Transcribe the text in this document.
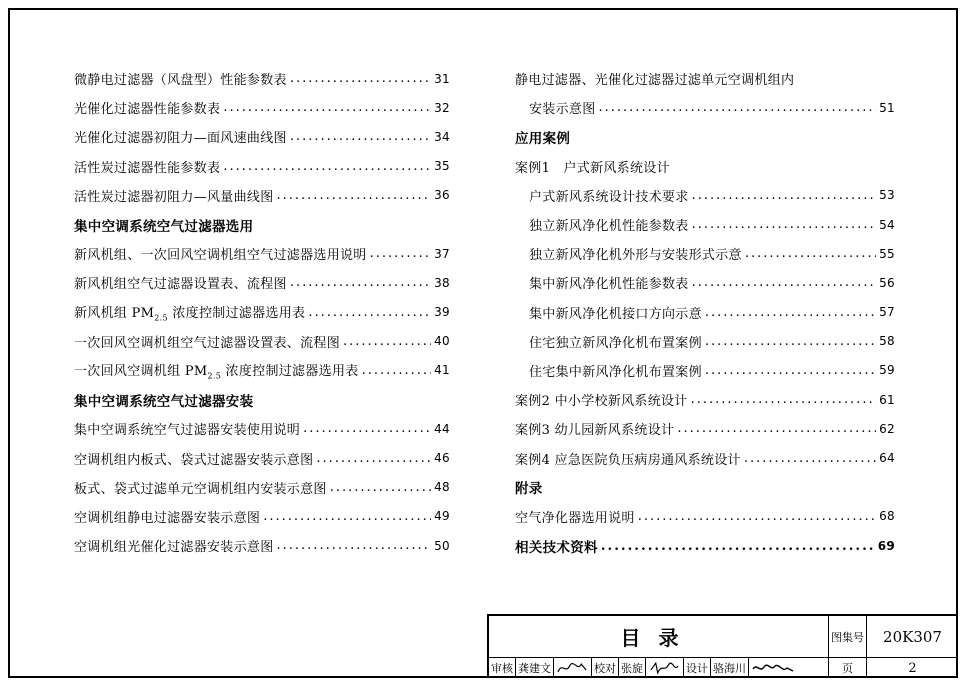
微静电过滤器（风盘型）性能参数表 .....	31
光催化过滤器性能参数表 .....	32
光催化过滤器初阻力—面风速曲线图 .....	34
活性炭过滤器性能参数表 .....	35
活性炭过滤器初阻力—风量曲线图 .....	36
集中空调系统空气过滤器选用
新风机组、一次回风空调机组空气过滤器选用说明 .....	37
新风机组空气过滤器设置表、流程图 .....	38
新风机组 $PM_{2.5}$ 浓度控制过滤器选用表 .....	39
一次回风空调机组空气过滤器设置表、流程图 .....	40
一次回风空调机组 $PM_{2.5}$ 浓度控制过滤器选用表 .....	41
集中空调系统空气过滤器安装
集中空调系统空气过滤器安装使用说明 .....	44
空调机组内板式、袋式过滤器安装示意图 .....	46
板式、袋式过滤单元空调机组内安装示意图 .....	48
空调机组静电过滤器安装示意图 .....	49
空调机组光催化过滤器安装示意图 .....	50
静电过滤器、光催化过滤器过滤单元空调机组内
安装示意图 .....	51
应用案例
案例1　户式新风系统设计
户式新风系统设计技术要求 .....	53
独立新风净化机性能参数表 .....	54
独立新风净化机外形与安装形式示意 .....	55
集中新风净化机性能参数表 .....	56
集中新风净化机接口方向示意 .....	57
住宅独立新风净化机布置案例 .....	58
住宅集中新风净化机布置案例 .....	59
案例2 中小学校新风系统设计 .....	61
案例3 幼儿园新风系统设计 .....	62
案例4 应急医院负压病房通风系统设计 .....	64
附录
空气净化器选用说明 .....	68
相关技术资料 .....	69
目录	图集号	20K307
审核 龚建文	校对 张旋	设计 骆海川	页	2
